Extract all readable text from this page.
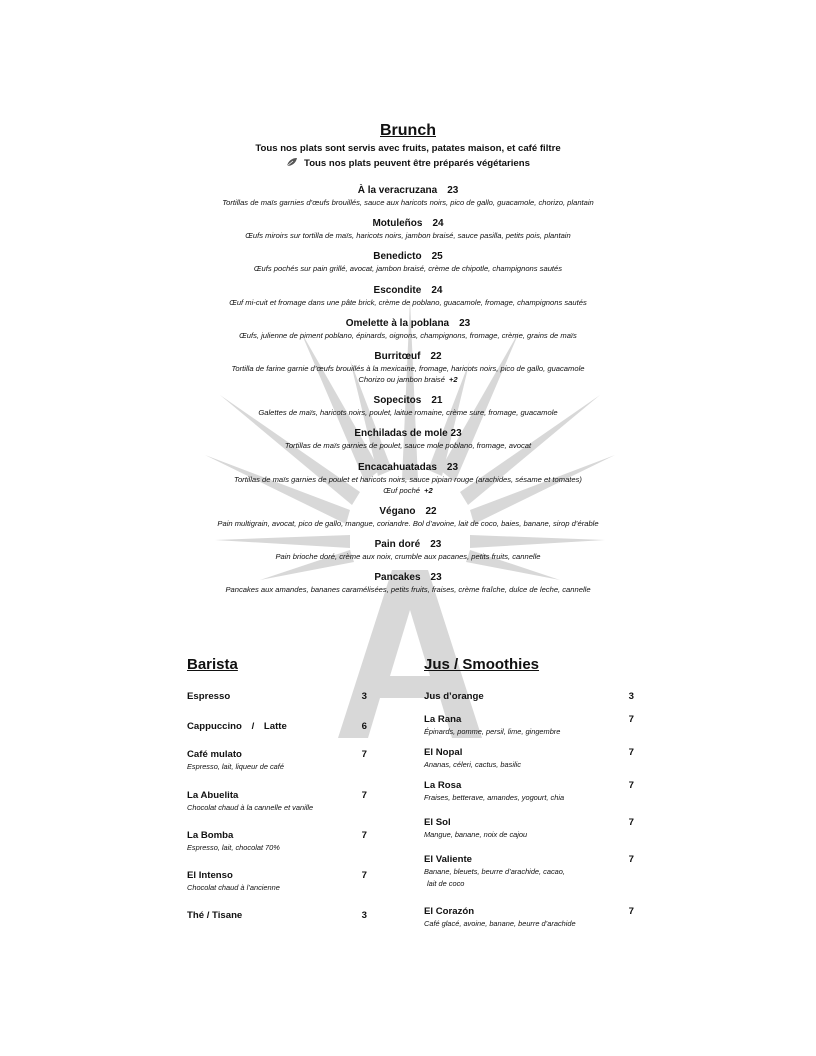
Brunch
Tous nos plats sont servis avec fruits, patates maison, et café filtre
Tous nos plats peuvent être préparés végétariens
À la veracruzana 23
Tortillas de maïs garnies d’œufs brouillés, sauce aux haricots noirs, pico de gallo, guacamole, chorizo, plantain
Motuleños 24
Œufs miroirs sur tortilla de maïs, haricots noirs, jambon braisé, sauce pasilla, petits pois, plantain
Benedicto 25
Œufs pochés sur pain grillé, avocat, jambon braisé, crème de chipotle, champignons sautés
Escondite 24
Œuf mi-cuit et fromage dans une pâte brick, crème de poblano, guacamole, fromage, champignons sautés
Omelette à la poblana 23
Œufs, julienne de piment poblano, épinards, oignons, champignons, fromage, crème, grains de maïs
Burritœuf 22
Tortilla de farine garnie d’œufs brouillés à la mexicaine, fromage, haricots noirs, pico de gallo, guacamole
Chorizo ou jambon braisé +2
Sopecitos 21
Galettes de maïs, haricots noirs, poulet, laitue romaine, crème sure, fromage, guacamole
Enchiladas de mole 23
Tortillas de maïs garnies de poulet, sauce mole poblano, fromage, avocat
Encacahuatadas 23
Tortillas de maïs garnies de poulet et haricots noirs, sauce pipian rouge (arachides, sésame et tomates)
Œuf poché +2
Végano 22
Pain multigrain, avocat, pico de gallo, mangue, coriandre. Bol d’avoine, lait de coco, baies, banane, sirop d’érable
Pain doré 23
Pain brioche doré, crème aux noix, crumble aux pacanes, petits fruits, cannelle
Pancakes 23
Pancakes aux amandes, bananes caramélisées, petits fruits, fraises, crème fraîche, dulce de leche, cannelle
Barista
Espresso	3
Cappuccino / Latte	6
Café mulato	7
Espresso, lait, liqueur de café
La Abuelita	7
Chocolat chaud à la cannelle et vanille
La Bomba	7
Espresso, lait, chocolat 70%
El Intenso	7
Chocolat chaud à l’ancienne
Thé / Tisane	3
Jus / Smoothies
Jus d’orange	3
La Rana	7
Épinards, pomme, persil, lime, gingembre
El Nopal	7
Ananas, céleri, cactus, basilic
La Rosa	7
Fraises, betterave, amandes, yogourt, chia
El Sol	7
Mangue, banane, noix de cajou
El Valiente	7
Banane, bleuets, beurre d’arachide, cacao,
lait de coco
El Corazón	7
Café glacé, avoine, banane, beurre d’arachide
